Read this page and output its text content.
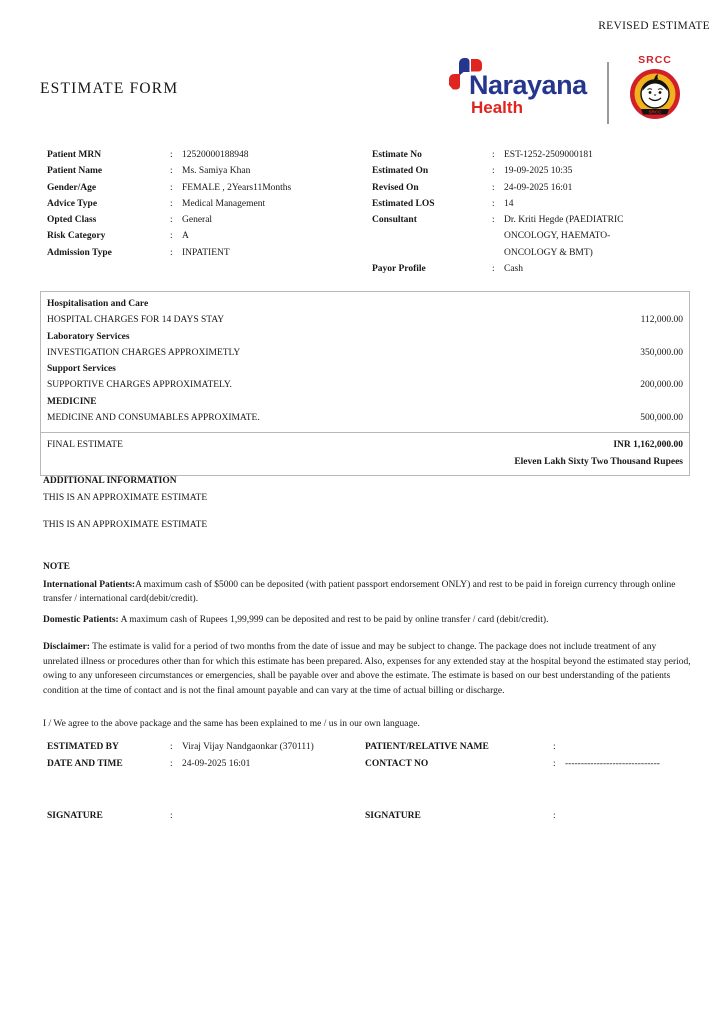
REVISED ESTIMATE
ESTIMATE FORM	Narayana
Health
SRCC
SRCC
Patient MRN	: 12520000188948
Patient Name	: Ms. Samiya Khan
Gender/Age	: FEMALE , 2Years11Months
Advice Type	: Medical Management
Opted Class	: General
Risk Category	: A
Admission Type	: INPATIENT
Estimate No	: EST-1252-2509000181
Estimated On	: 19-09-2025 10:35
Revised On	: 24-09-2025 16:01
Estimated LOS	: 14
Consultant	: Dr. Kriti Hegde (PAEDIATRIC ONCOLOGY, HAEMATO-ONCOLOGY & BMT)
Payor Profile	: Cash
Hospitalisation and Care
HOSPITAL CHARGES FOR 14 DAYS STAY	112,000.00
Laboratory Services
INVESTIGATION CHARGES APPROXIMETLY	350,000.00
Support Services
SUPPORTIVE CHARGES APPROXIMATELY.	200,000.00
MEDICINE
MEDICINE AND CONSUMABLES APPROXIMATE.	500,000.00
FINAL ESTIMATE	INR 1,162,000.00
Eleven Lakh Sixty Two Thousand Rupees
ADDITIONAL INFORMATION
THIS IS AN APPROXIMATE ESTIMATE
THIS IS AN APPROXIMATE ESTIMATE
NOTE

International Patients:A maximum cash of $5000 can be deposited (with patient passport endorsement ONLY) and rest to be paid in foreign currency through online transfer / international card(debit/credit).

Domestic Patients: A maximum cash of Rupees 1,99,999 can be deposited and rest to be paid by online transfer / card (debit/credit).

Disclaimer: The estimate is valid for a period of two months from the date of issue and may be subject to change. The package does not include treatment of any unrelated illness or procedures other than for which this estimate has been prepared. Also, expenses for any extended stay at the hospital beyond the estimated stay period, owing to any unforeseen circumstances or emergencies, shall be payable over and above the estimate. The estimate is based on our best understanding of the patients condition at the time of contact and is not the final amount payable and can vary at the time of actual billing or discharge.
I / We agree to the above package and the same has been explained to me / us in our own language.
ESTIMATED BY	: Viraj Vijay Nandgaonkar (370111)	PATIENT/RELATIVE NAME	:
DATE AND TIME	: 24-09-2025 16:01	CONTACT NO	: ------------------------------
SIGNATURE	:	SIGNATURE	:
